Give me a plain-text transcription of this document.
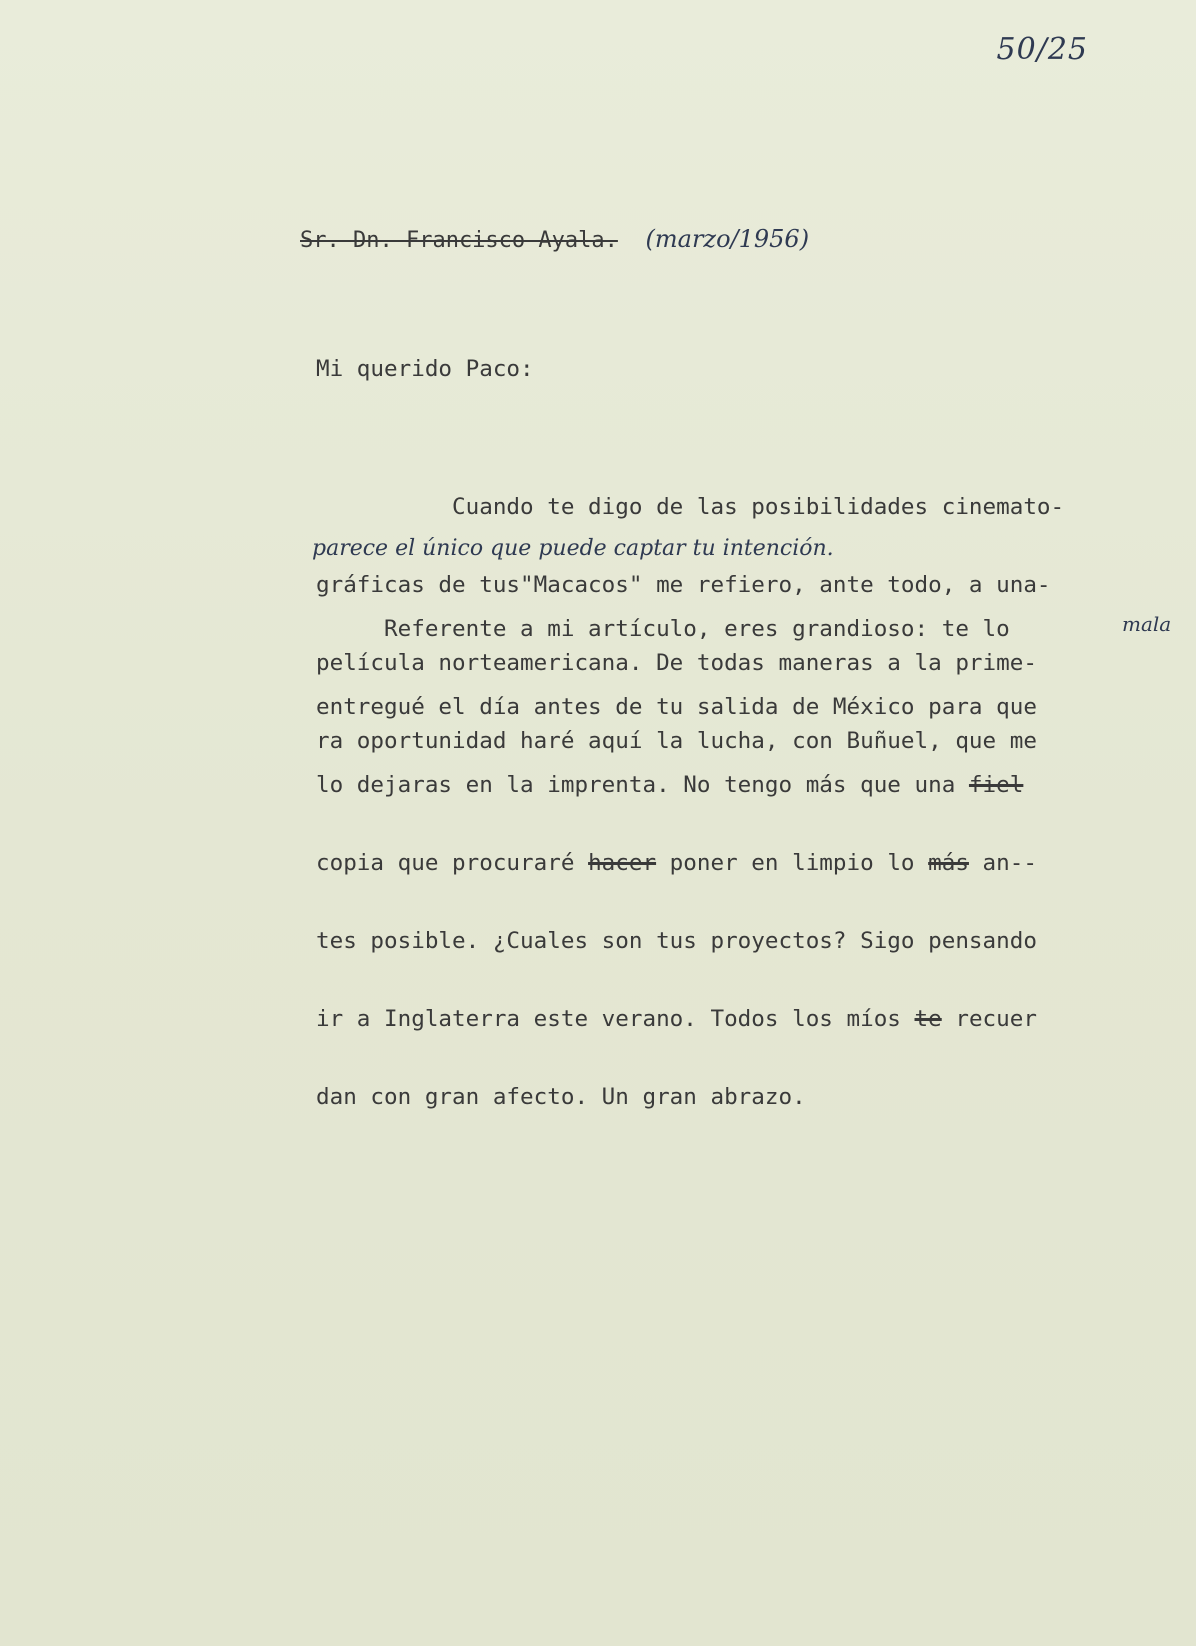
50/25
Sr. Dn. Francisco Ayala. (marzo/1956)
Mi querido Paco:

Cuando te digo de las posibilidades cinemato-

gráficas de tus"Macacos" me refiero, ante todo, a una-

película norteamericana. De todas maneras a la prime-

ra oportunidad haré aquí la lucha, con Buñuel, que me

parece el único que puede captar tu intención.

Referente a mi artículo, eres grandioso: te lo

entregué el día antes de tu salida de México para que

lo dejaras en la imprenta. No tengo más que una fiel

copia que procuraré hacer poner en limpio lo más an--

tes posible. ¿Cuales son tus proyectos? Sigo pensando

ir a Inglaterra este verano. Todos los míos te recuer

dan con gran afecto. Un gran abrazo.

mala
